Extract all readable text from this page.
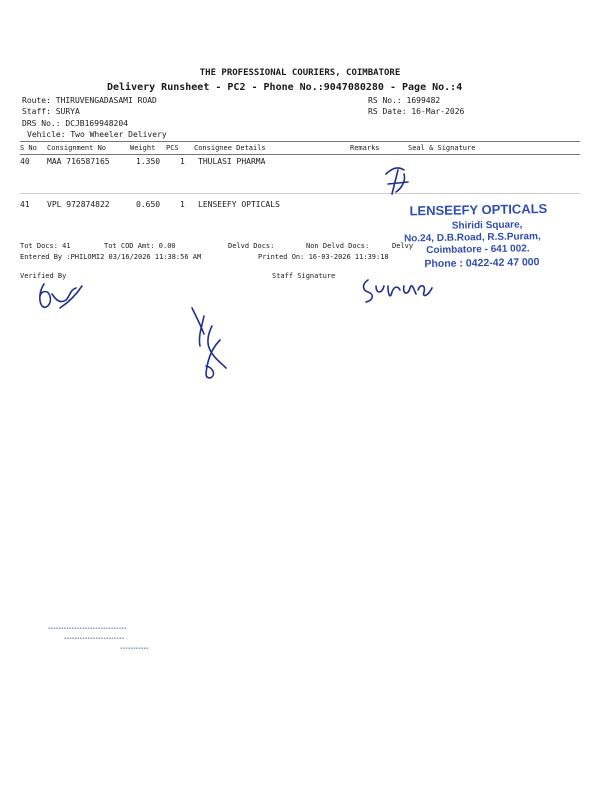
THE PROFESSIONAL COURIERS, COIMBATORE
Delivery Runsheet - PC2 - Phone No.:9047080280 - Page No.:4
Route: THIRUVENGADASAMI ROAD
Staff: SURYA
DRS No.: DCJB169948204
Vehicle: Two Wheeler Delivery
RS No.: 1699482
RS Date: 16-Mar-2026
S No Consignment No	Weight PCS Consignee Details	Remarks	Seal & Signature
40 MAA 716587165	1.350 1 THULASI PHARMA
41 VPL 972874822	0.650 1 LENSEEFY OPTICALS
Tot Docs: 41	Tot COD Amt: 0.00	Delvd Docs:	Non Delvd Docs:	Delvy
Entered By :PHILOMI2 03/16/2026 11:38:56 AM	Printed On: 16-03-2026 11:39:18
Verified By	Staff Signature
LENSEEFY OPTICALS
Shiridi Square,
No.24, D.B.Road, R.S.Puram,
Coimbatore - 641 002.
Phone : 0422-42 47 000
▪▪▪▪▪▪▪▪▪▪▪▪▪▪▪▪▪▪▪▪▪▪▪▪▪▪▪▪▪▪
▪▪▪▪▪▪▪▪▪▪▪▪▪▪▪▪▪▪▪▪▪▪▪
▪▪▪▪▪▪▪▪▪▪▪
